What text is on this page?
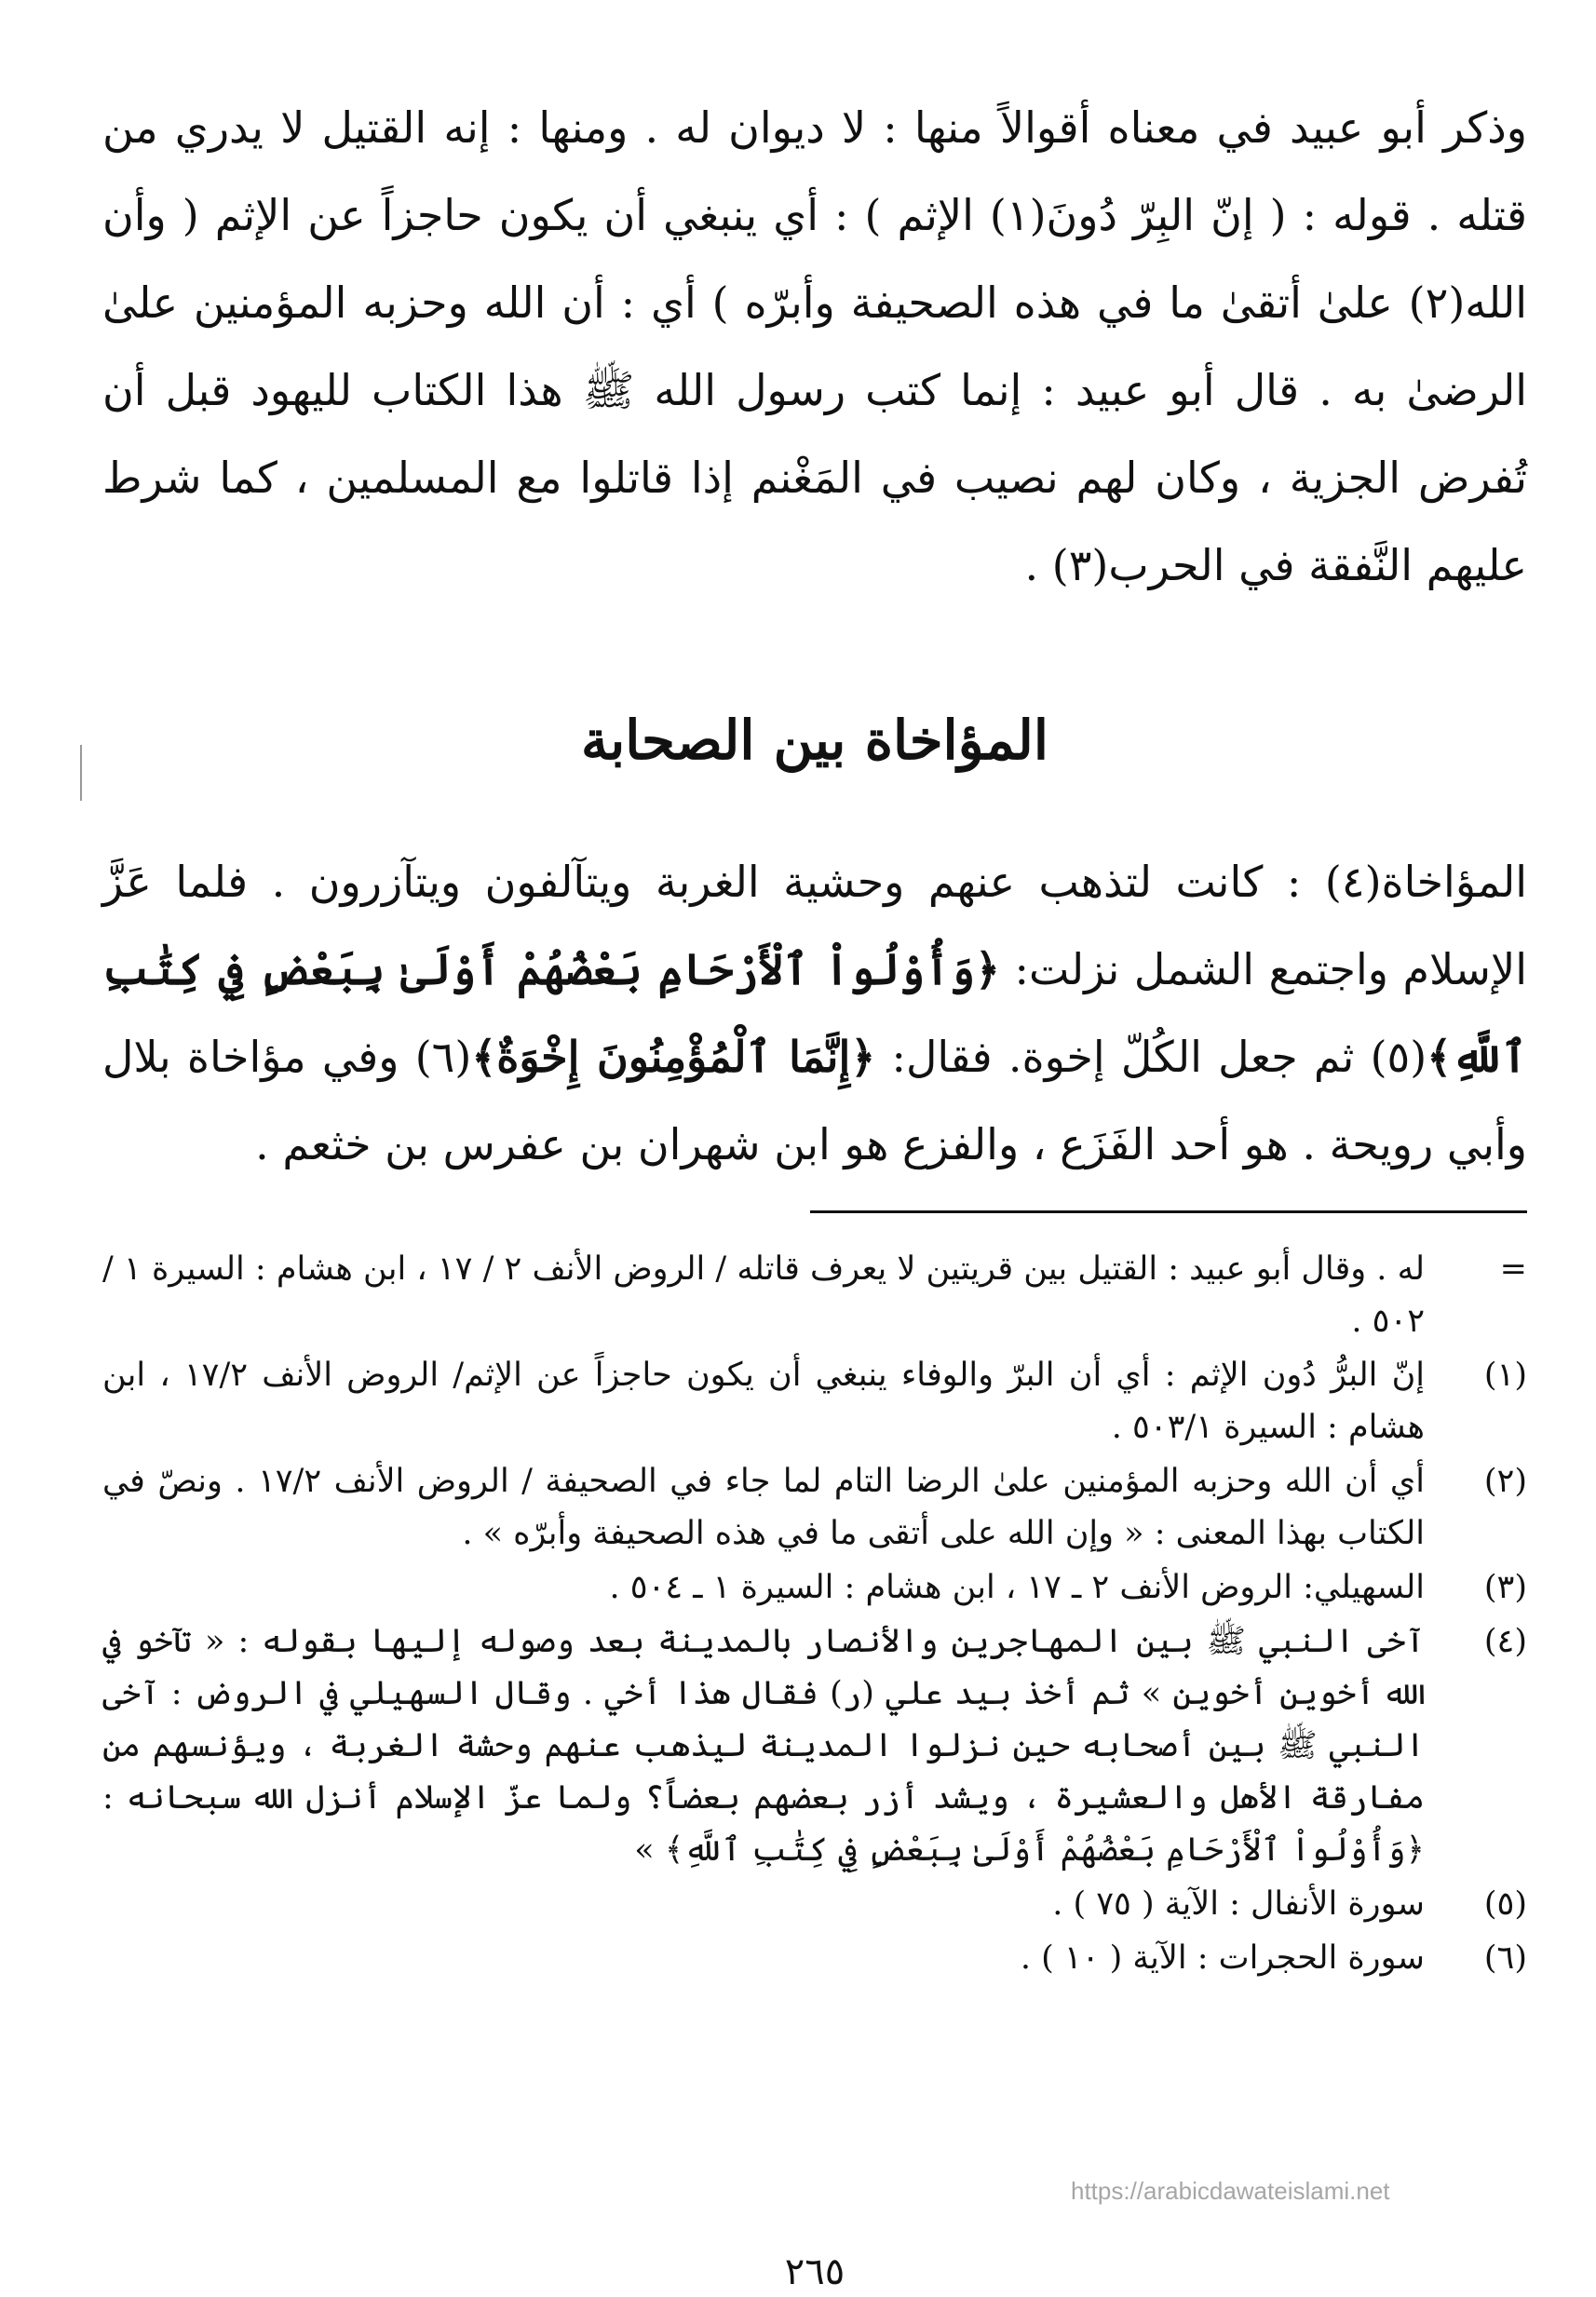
وذكر أبو عبيد في معناه أقوالاً منها : لا ديوان له . ومنها : إنه القتيل لا يدري من قتله . قوله : ( إنّ البِرّ دُونَ(١) الإثم ) : أي ينبغي أن يكون حاجزاً عن الإثم ( وأن الله(٢) علىٰ أتقىٰ ما في هذه الصحيفة وأبرّه ) أي : أن الله وحزبه المؤمنين علىٰ الرضىٰ به . قال أبو عبيد : إنما كتب رسول الله ﷺ هذا الكتاب لليهود قبل أن تُفرض الجزية ، وكان لهم نصيب في المَغْنم إذا قاتلوا مع المسلمين ، كما شرط عليهم النَّفقة في الحرب(٣) .

المؤاخاة بين الصحابة

المؤاخاة(٤) : كانت لتذهب عنهم وحشية الغربة ويتآلفون ويتآزرون . فلما عَزَّ الإسلام واجتمع الشمل نزلت: ﴿وَأُوْلُواْ ٱلْأَرْحَامِ بَعْضُهُمْ أَوْلَىٰ بِبَعْضٍ فِي كِتَٰبِ ٱللَّهِ﴾(٥) ثم جعل الكُلّ إخوة. فقال: ﴿إِنَّمَا ٱلْمُؤْمِنُونَ إِخْوَةٌ﴾(٦) وفي مؤاخاة بلال وأبي رويحة . هو أحد الفَزَع ، والفزع هو ابن شهران بن عفرس بن خثعم .

=
له . وقال أبو عبيد : القتيل بين قريتين لا يعرف قاتله / الروض الأنف ٢ / ١٧ ، ابن هشام : السيرة ١ / ٥٠٢ .
(١)
إنّ البرُّ دُون الإثم : أي أن البرّ والوفاء ينبغي أن يكون حاجزاً عن الإثم/ الروض الأنف ١٧/٢ ، ابن هشام : السيرة ٥٠٣/١ .
(٢)
أي أن الله وحزبه المؤمنين علىٰ الرضا التام لما جاء في الصحيفة / الروض الأنف ١٧/٢ . ونصّ في الكتاب بهذا المعنى : « وإن الله على أتقى ما في هذه الصحيفة وأبرّه » .
(٣)
السهيلي: الروض الأنف ٢ ـ ١٧ ، ابن هشام : السيرة ١ ـ ٥٠٤ .
(٤)
آخى النبي ﷺ بين المهاجرين والأنصار بالمدينة بعد وصوله إليها بقوله : « تآخو في الله أخوين أخوين » ثم أخذ بيد علي (ر) فقال هذا أخي . وقال السهيلي في الروض : آخى النبي ﷺ بين أصحابه حين نزلوا المدينة ليذهب عنهم وحشة الغربة ، ويؤنسهم من مفارقة الأهل والعشيرة ، ويشد أزر بعضهم بعضاً؟ ولما عزّ الإسلام أنزل الله سبحانه : ﴿وَأُوْلُواْ ٱلْأَرْحَامِ بَعْضُهُمْ أَوْلَىٰ بِبَعْضٍ فِي كِتَٰبِ ٱللَّهِ﴾ »
(٥)
سورة الأنفال : الآية ( ٧٥ ) .
(٦)
سورة الحجرات : الآية ( ١٠ ) .

٢٦٥

https://arabicdawateislami.net
